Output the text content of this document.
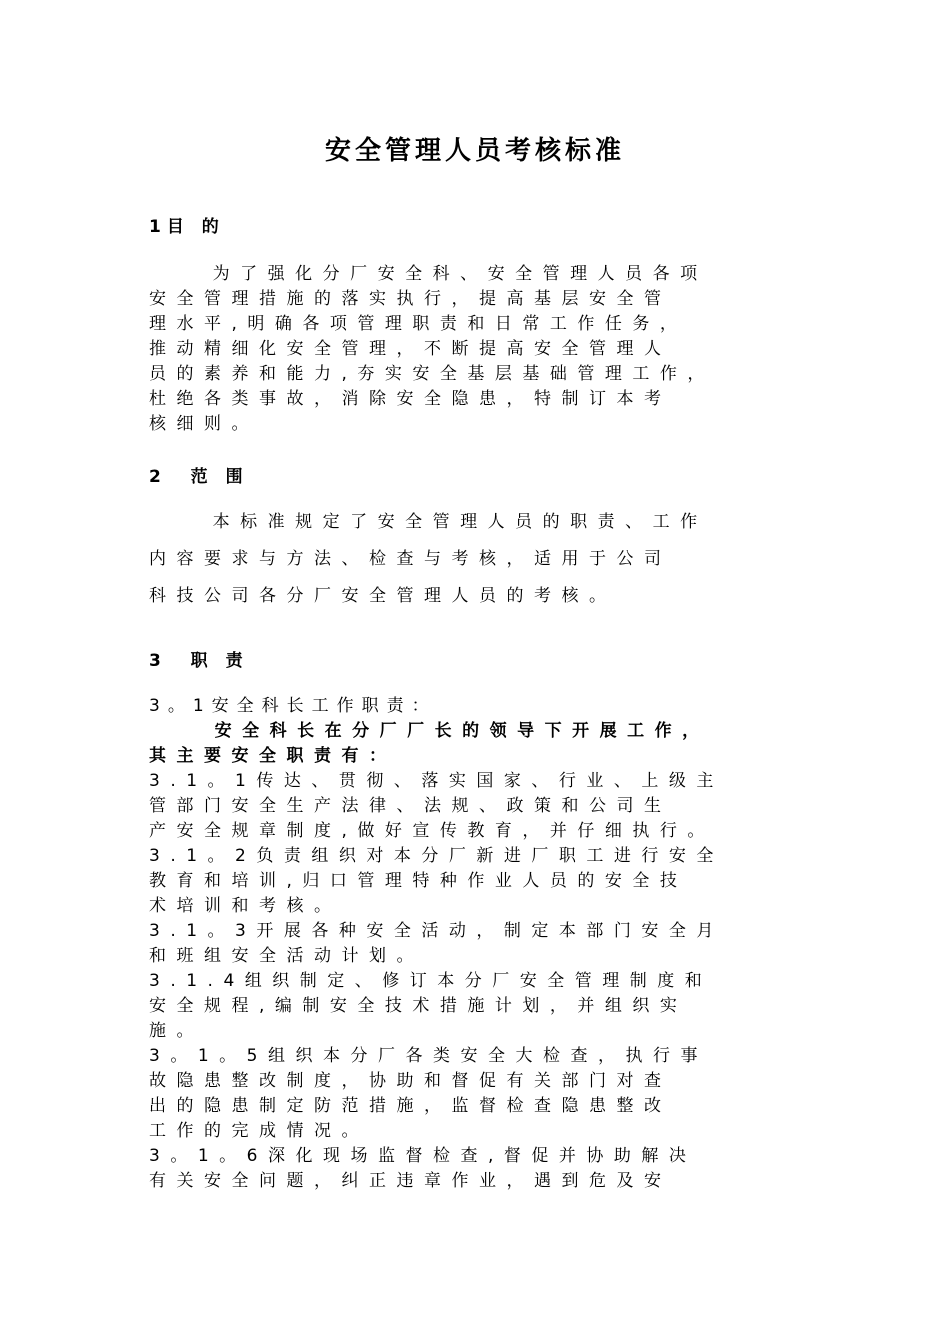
安全管理人员考核标准
1目 的
为了强化分厂安全科、安全管理人员各项
安全管理措施的落实执行，提高基层安全管
理水平,明确各项管理职责和日常工作任务，
推动精细化安全管理，不断提高安全管理人
员的素养和能力,夯实安全基层基础管理工作，
杜绝各类事故，消除安全隐患，特制订本考
核细则。
2  范 围
本标准规定了安全管理人员的职责、工作
内容要求与方法、检查与考核，适用于公司
科技公司各分厂安全管理人员的考核。
3  职 责
3。1安全科长工作职责：
安全科长在分厂厂长的领导下开展工作，
其主要安全职责有：
3.1。1传达、贯彻、落实国家、行业、上级主
管部门安全生产法律、法规、政策和公司生
产安全规章制度,做好宣传教育，并仔细执行。
3.1。2负责组织对本分厂新进厂职工进行安全
教育和培训,归口管理特种作业人员的安全技
术培训和考核。
3.1。3开展各种安全活动，制定本部门安全月
和班组安全活动计划。
3.1.4组织制定、修订本分厂安全管理制度和
安全规程,编制安全技术措施计划，并组织实
施。
3。1。5组织本分厂各类安全大检查，执行事
故隐患整改制度，协助和督促有关部门对查
出的隐患制定防范措施，监督检查隐患整改
工作的完成情况。
3。1。6深化现场监督检查,督促并协助解决
有关安全问题，纠正违章作业，遇到危及安
